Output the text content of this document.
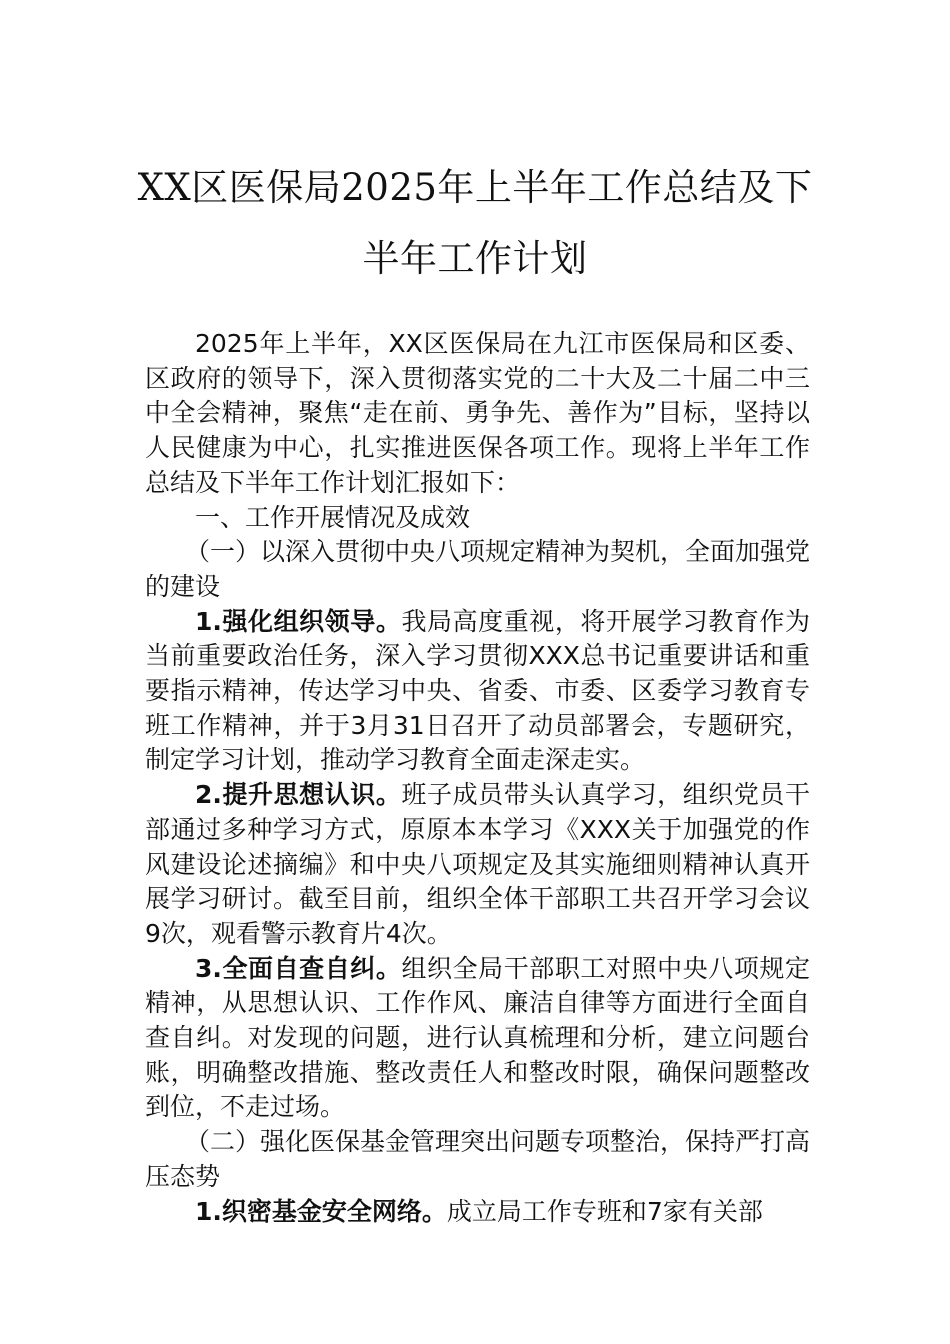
XX区医保局2025年上半年工作总结及下
半年工作计划

2025年上半年，XX区医保局在九江市医保局和区委、区政府的领导下，深入贯彻落实党的二十大及二十届二中三中全会精神，聚焦“走在前、勇争先、善作为”目标，坚持以人民健康为中心，扎实推进医保各项工作。现将上半年工作总结及下半年工作计划汇报如下：

一、工作开展情况及成效

（一）以深入贯彻中央八项规定精神为契机，全面加强党的建设

1.强化组织领导。我局高度重视，将开展学习教育作为当前重要政治任务，深入学习贯彻XXX总书记重要讲话和重要指示精神，传达学习中央、省委、市委、区委学习教育专班工作精神，并于3月31日召开了动员部署会，专题研究，制定学习计划，推动学习教育全面走深走实。

2.提升思想认识。班子成员带头认真学习，组织党员干部通过多种学习方式，原原本本学习《XXX关于加强党的作风建设论述摘编》和中央八项规定及其实施细则精神认真开展学习研讨。截至目前，组织全体干部职工共召开学习会议9次，观看警示教育片4次。

3.全面自查自纠。组织全局干部职工对照中央八项规定精神，从思想认识、工作作风、廉洁自律等方面进行全面自查自纠。对发现的问题，进行认真梳理和分析，建立问题台账，明确整改措施、整改责任人和整改时限，确保问题整改到位，不走过场。

（二）强化医保基金管理突出问题专项整治，保持严打高压态势

1.织密基金安全网络。成立局工作专班和7家有关部
